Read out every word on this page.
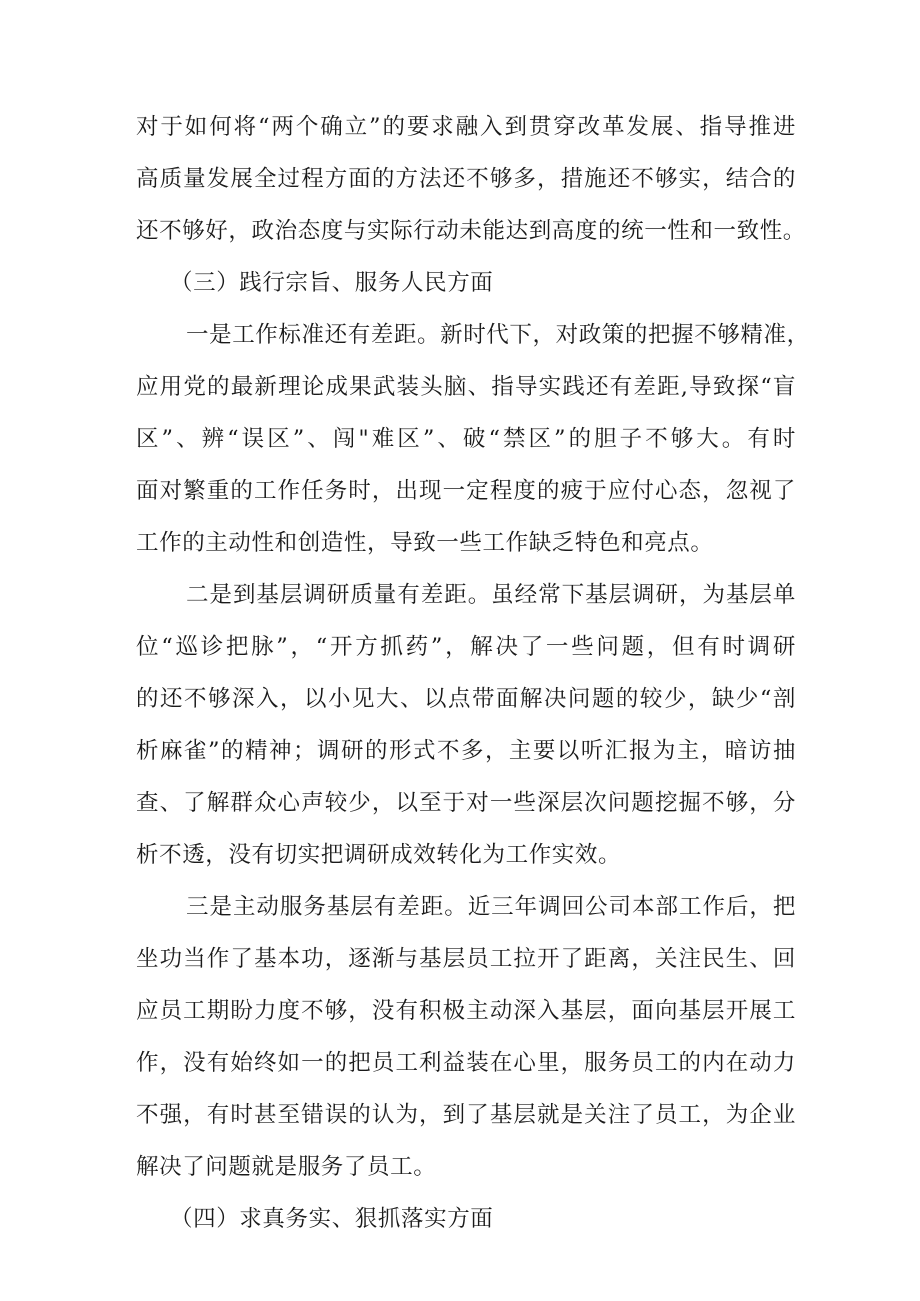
对于如何将“两个确立”的要求融入到贯穿改革发展、指导推进

高质量发展全过程方面的方法还不够多，措施还不够实，结合的

还不够好，政治态度与实际行动未能达到高度的统一性和一致性。

（三）践行宗旨、服务人民方面

一是工作标准还有差距。新时代下，对政策的把握不够精准，

应用党的最新理论成果武装头脑、指导实践还有差距,导致探“盲

区”、辨“误区”、闯"难区”、破“禁区”的胆子不够大。有时

面对繁重的工作任务时，出现一定程度的疲于应付心态，忽视了

工作的主动性和创造性，导致一些工作缺乏特色和亮点。

二是到基层调研质量有差距。虽经常下基层调研，为基层单

位“巡诊把脉”，“开方抓药”，解决了一些问题，但有时调研

的还不够深入，以小见大、以点带面解决问题的较少，缺少“剖

析麻雀”的精神；调研的形式不多，主要以听汇报为主，暗访抽

查、了解群众心声较少，以至于对一些深层次问题挖掘不够，分

析不透，没有切实把调研成效转化为工作实效。

三是主动服务基层有差距。近三年调回公司本部工作后，把

坐功当作了基本功，逐渐与基层员工拉开了距离，关注民生、回

应员工期盼力度不够，没有积极主动深入基层，面向基层开展工

作，没有始终如一的把员工利益装在心里，服务员工的内在动力

不强，有时甚至错误的认为，到了基层就是关注了员工，为企业

解决了问题就是服务了员工。

（四）求真务实、狠抓落实方面
